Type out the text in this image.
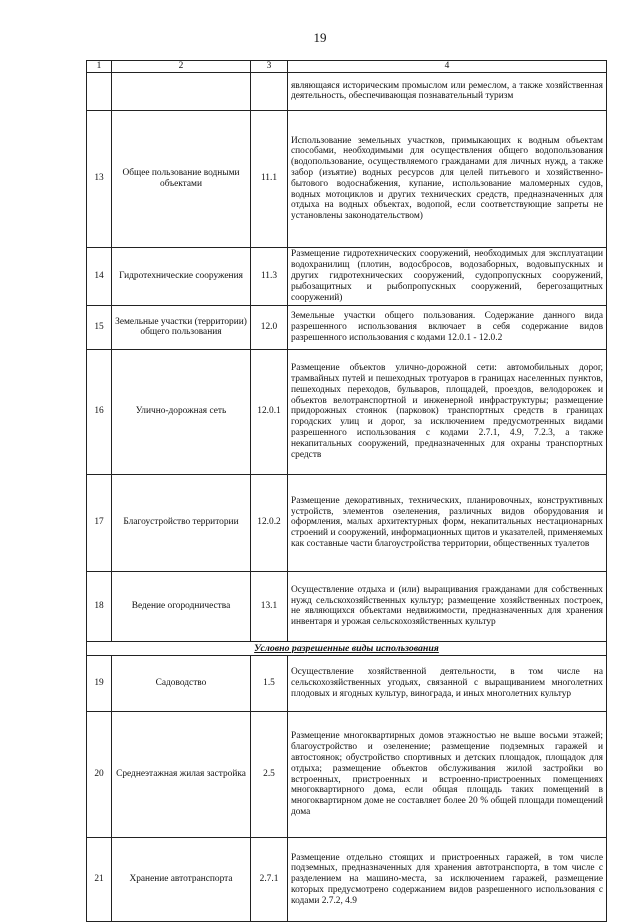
19
1	2	3	4
			являющаяся историческим промыслом или ремеслом, а также хозяйственная деятельность, обеспечивающая познавательный туризм
13	Общее пользование водными объектами	11.1	Использование земельных участков, примыкающих к водным объектам способами, необходимыми для осуществления общего водопользования (водопользование, осуществляемого гражданами для личных нужд, а также забор (изъятие) водных ресурсов для целей питьевого и хозяйственно-бытового водоснабжения, купание, использование маломерных судов, водных мотоциклов и других технических средств, предназначенных для отдыха на водных объектах, водопой, если соответствующие запреты не установлены законодательством)
14	Гидротехнические сооружения	11.3	Размещение гидротехнических сооружений, необходимых для эксплуатации водохранилищ (плотин, водосбросов, водозаборных, водовыпускных и других гидротехнических сооружений, судопропускных сооружений, рыбозащитных и рыбопропускных сооружений, берегозащитных сооружений)
15	Земельные участки (территории) общего пользования	12.0	Земельные участки общего пользования. Содержание данного вида разрешенного использования включает в себя содержание видов разрешенного использования с кодами 12.0.1 - 12.0.2
16	Улично-дорожная сеть	12.0.1	Размещение объектов улично-дорожной сети: автомобильных дорог, трамвайных путей и пешеходных тротуаров в границах населенных пунктов, пешеходных переходов, бульваров, площадей, проездов, велодорожек и объектов велотранспортной и инженерной инфраструктуры; размещение придорожных стоянок (парковок) транспортных средств в границах городских улиц и дорог, за исключением предусмотренных видами разрешенного использования с кодами 2.7.1, 4.9, 7.2.3, а также некапитальных сооружений, предназначенных для охраны транспортных средств
17	Благоустройство территории	12.0.2	Размещение декоративных, технических, планировочных, конструктивных устройств, элементов озеленения, различных видов оборудования и оформления, малых архитектурных форм, некапитальных нестационарных строений и сооружений, информационных щитов и указателей, применяемых как составные части благоустройства территории, общественных туалетов
18	Ведение огородничества	13.1	Осуществление отдыха и (или) выращивания гражданами для собственных нужд сельскохозяйственных культур; размещение хозяйственных построек, не являющихся объектами недвижимости, предназначенных для хранения инвентаря и урожая сельскохозяйственных культур
Условно разрешенные виды использования			
19	Садоводство	1.5	Осуществление хозяйственной деятельности, в том числе на сельскохозяйственных угодьях, связанной с выращиванием многолетних плодовых и ягодных культур, винограда, и иных многолетних культур
20	Среднеэтажная жилая застройка	2.5	Размещение многоквартирных домов этажностью не выше восьми этажей; благоустройство и озеленение; размещение подземных гаражей и автостоянок; обустройство спортивных и детских площадок, площадок для отдыха; размещение объектов обслуживания жилой застройки во встроенных, пристроенных и встроенно-пристроенных помещениях многоквартирного дома, если общая площадь таких помещений в многоквартирном доме не составляет более 20 % общей площади помещений дома
21	Хранение автотранспорта	2.7.1	Размещение отдельно стоящих и пристроенных гаражей, в том числе подземных, предназначенных для хранения автотранспорта, в том числе с разделением на машино-места, за исключением гаражей, размещение которых предусмотрено содержанием видов разрешенного использования с кодами 2.7.2, 4.9
